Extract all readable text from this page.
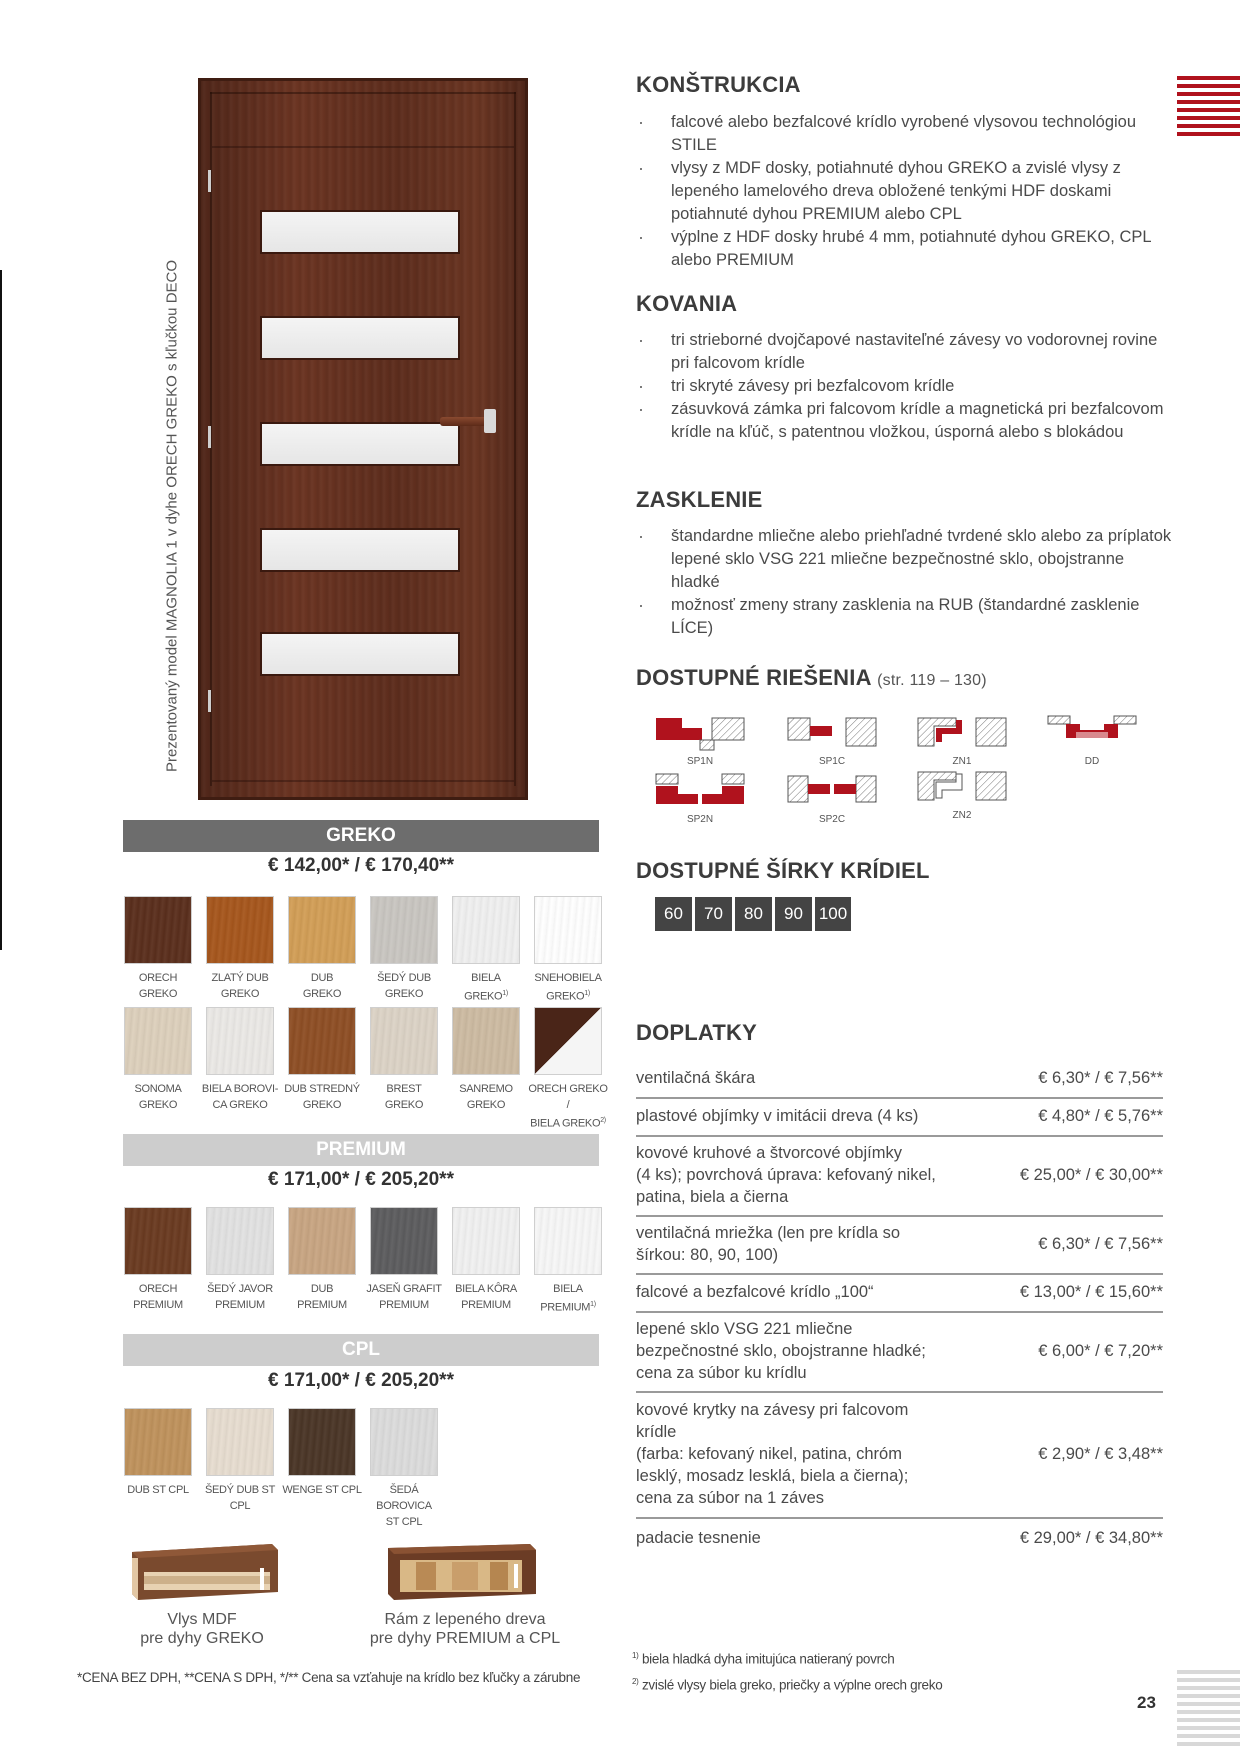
Prezentovaný model MAGNOLIA 1 v dyhe ORECH GREKO s kľučkou DECO
GREKO
€ 142,00* / € 170,40**
ORECH
GREKO
ZLATÝ DUB
GREKO
DUB
GREKO
ŠEDÝ DUB
GREKO
BIELA
GREKO$^{1)}$
SNEHOBIELA
GREKO$^{1)}$
SONOMA
GREKO
BIELA BOROVI-
CA GREKO
DUB STREDNÝ
GREKO
BREST
GREKO
SANREMO
GREKO
ORECH GREKO /
BIELA GREKO$^{2)}$
PREMIUM
€ 171,00* / € 205,20**
ORECH
PREMIUM
ŠEDÝ JAVOR
PREMIUM
DUB
PREMIUM
JASEŇ GRAFIT
PREMIUM
BIELA KÔRA
PREMIUM
BIELA
PREMIUM$^{1)}$
CPL
€ 171,00* / € 205,20**
DUB ST CPL	ŠEDÝ DUB ST CPL
WENGE ST CPL	ŠEDÁ BOROVICA
ST CPL
Vlys MDF
pre dyhy GREKO
Rám z lepeného dreva
pre dyhy PREMIUM a CPL
*CENA BEZ DPH, **CENA S DPH, */** Cena sa vzťahuje na krídlo bez kľučky a zárubne
KONŠTRUKCIA
· falcové alebo bezfalcové krídlo vyrobené vlysovou technológiou STILE
· vlysy z MDF dosky, potiahnuté dyhou GREKO a zvislé vlysy z lepeného lamelového dreva obložené tenkými HDF doskami potiahnuté dyhou PREMIUM alebo CPL
· výplne z HDF dosky hrubé 4 mm, potiahnuté dyhou GREKO, CPL alebo PREMIUM
KOVANIA
· tri strieborné dvojčapové nastaviteľné závesy vo vodorovnej rovine pri falcovom krídle
· tri skryté závesy pri bezfalcovom krídle
· zásuvková zámka pri falcovom krídle a magnetická pri bezfalcovom krídle na kľúč, s patentnou vložkou, úsporná alebo s blokádou
ZASKLENIE
· štandardne mliečne alebo priehľadné tvrdené sklo alebo za príplatok lepené sklo VSG 221 mliečne bezpečnostné sklo, obojstranne hladké
· možnosť zmeny strany zasklenia na RUB (štandardné zasklenie LÍCE)
DOSTUPNÉ RIEŠENIA (str. 119 – 130)
SP1N	SP1C	ZN1	DD
SP2N	SP2C	ZN2
DOSTUPNÉ ŠÍRKY KRÍDIEL
60	70	80	90 100
DOPLATKY
ventilačná škára	€ 6,30* / € 7,56**
plastové objímky v imitácii dreva (4 ks)	€ 4,80* / € 5,76**
kovové kruhové a štvorcové objímky
(4 ks); povrchová úprava: kefovaný nikel,
patina, biela a čierna	€ 25,00* / € 30,00**
ventilačná mriežka (len pre krídla so
šírkou: 80, 90, 100)	€ 6,30* / € 7,56**
falcové a bezfalcové krídlo „100“	€ 13,00* / € 15,60**
lepené sklo VSG 221 mliečne
bezpečnostné sklo, obojstranne hladké;
cena za súbor ku krídlu	€ 6,00* / € 7,20**
kovové krytky na závesy pri falcovom
krídle
(farba: kefovaný nikel, patina, chróm
lesklý, mosadz lesklá, biela a čierna);
cena za súbor na 1 záves	€ 2,90* / € 3,48**
padacie tesnenie	€ 29,00* / € 34,80**
$^{1)}$ biela hladká dyha imitujúca natieraný povrch
$^{2)}$ zvislé vlysy biela greko, priečky a výplne orech greko
23
